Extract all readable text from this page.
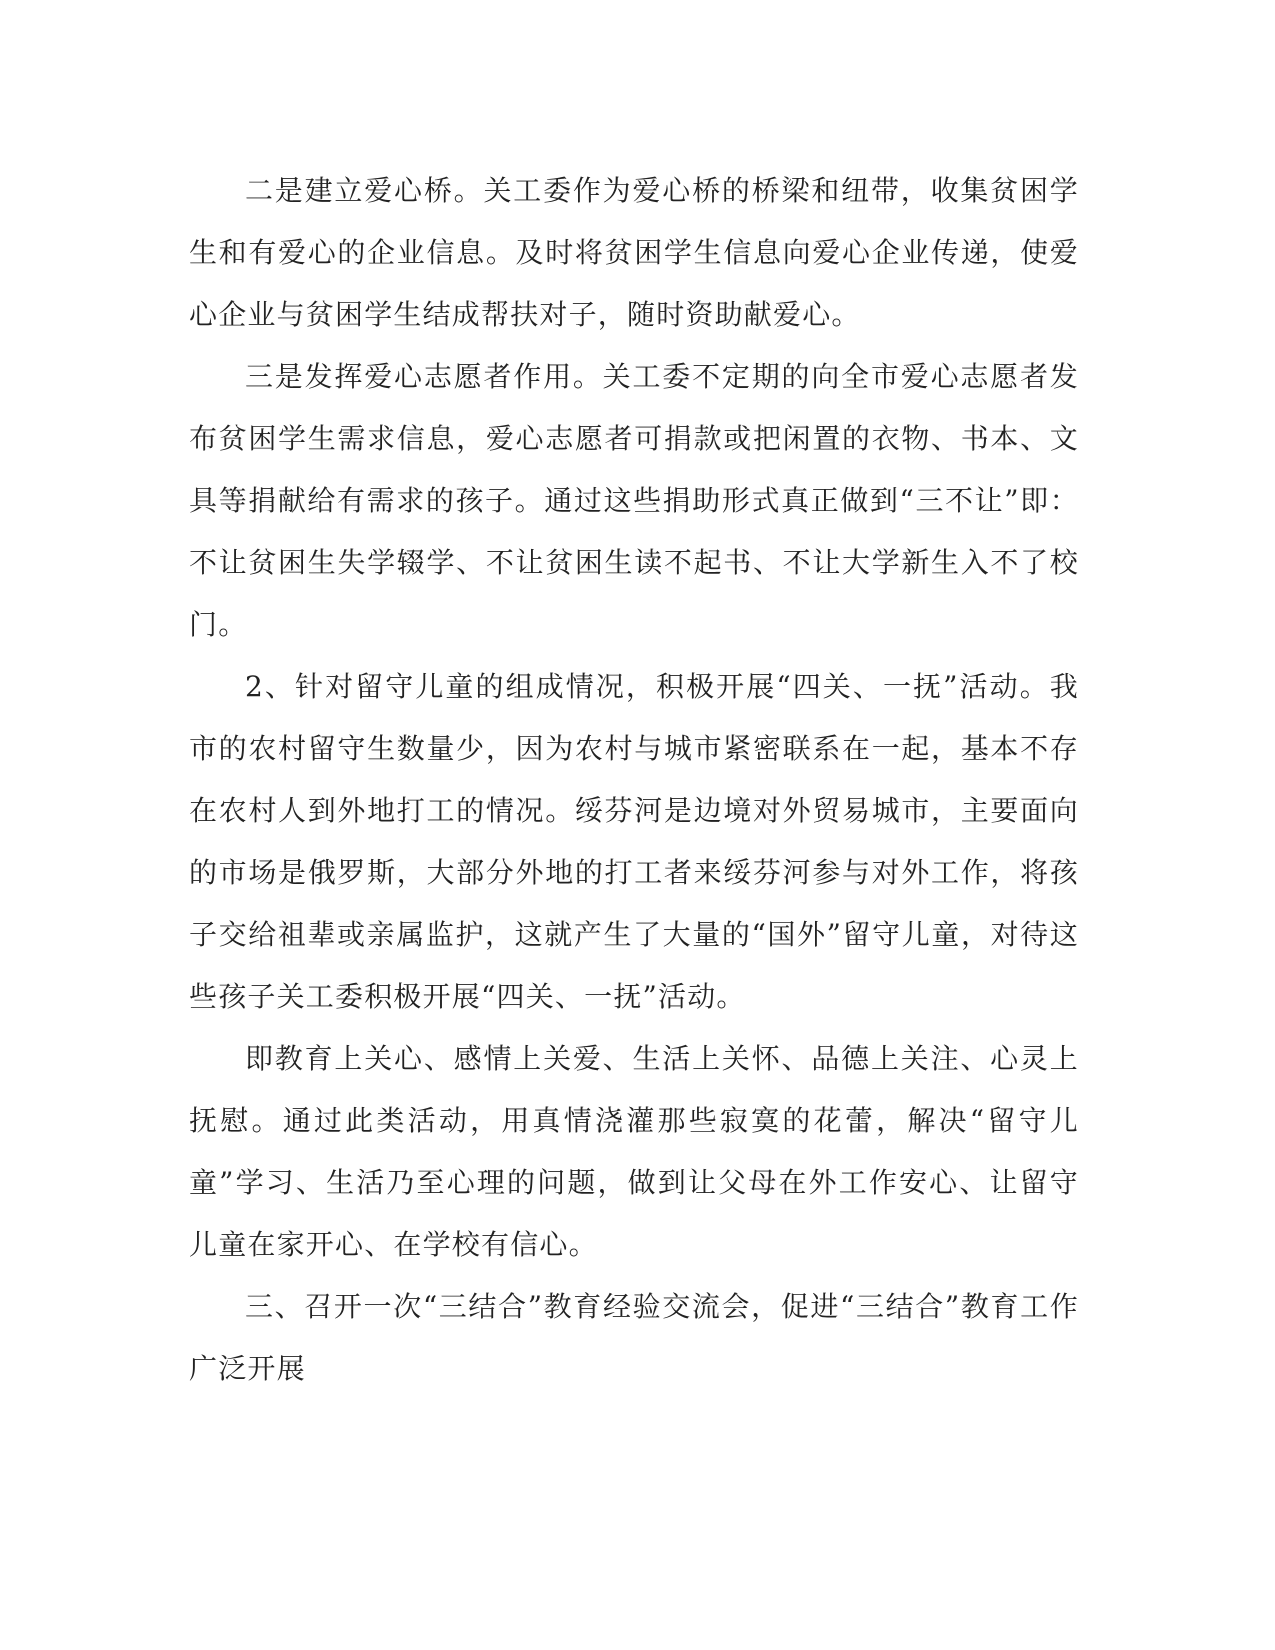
二是建立爱心桥。关工委作为爱心桥的桥梁和纽带，收集贫困学生和有爱心的企业信息。及时将贫困学生信息向爱心企业传递，使爱心企业与贫困学生结成帮扶对子，随时资助献爱心。

三是发挥爱心志愿者作用。关工委不定期的向全市爱心志愿者发布贫困学生需求信息，爱心志愿者可捐款或把闲置的衣物、书本、文具等捐献给有需求的孩子。通过这些捐助形式真正做到“三不让”即：不让贫困生失学辍学、不让贫困生读不起书、不让大学新生入不了校门。

2、针对留守儿童的组成情况，积极开展“四关、一抚”活动。我市的农村留守生数量少，因为农村与城市紧密联系在一起，基本不存在农村人到外地打工的情况。绥芬河是边境对外贸易城市，主要面向的市场是俄罗斯，大部分外地的打工者来绥芬河参与对外工作，将孩子交给祖辈或亲属监护，这就产生了大量的“国外”留守儿童，对待这些孩子关工委积极开展“四关、一抚”活动。

即教育上关心、感情上关爱、生活上关怀、品德上关注、心灵上抚慰。通过此类活动，用真情浇灌那些寂寞的花蕾，解决“留守儿童”学习、生活乃至心理的问题，做到让父母在外工作安心、让留守儿童在家开心、在学校有信心。

三、召开一次“三结合”教育经验交流会，促进“三结合”教育工作广泛开展
